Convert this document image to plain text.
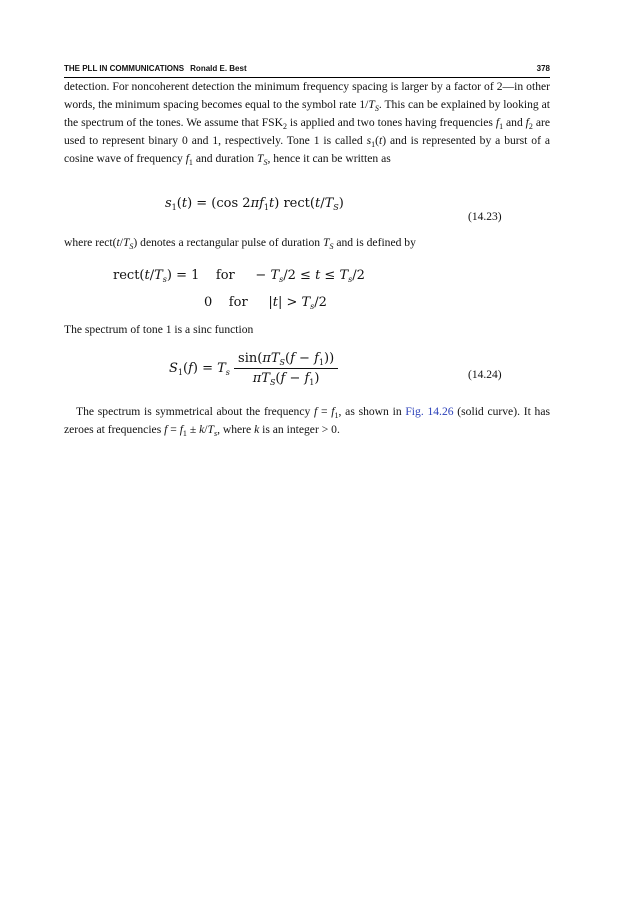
THE PLL IN COMMUNICATIONS Ronald E. Best	378

detection. For noncoherent detection the minimum frequency spacing is larger by a factor of 2—in other words, the minimum spacing becomes equal to the symbol rate $1/T_S$. This can be explained by looking at the spectrum of the tones. We assume that $FSK_2$ is applied and two tones having frequencies $f_1$ and $f_2$ are used to represent binary 0 and 1, respectively. Tone 1 is called $s_1(t)$ and is represented by a burst of a cosine wave of frequency $f_1$ and duration $T_S$, hence it can be written as

$s_1(t) = (\cos$ $2\pi f_1t$) $rect(t/T_S)$
(14.23)

where $rect(t/T_S)$ denotes a rectangular pulse of duration $T_S$ and is defined by

$rect(t/T_s) = 1$    for     − $T_s/2 \le t \le T_s/2$
0    for     $|t| > T_s/2$

The spectrum of tone 1 is a sinc function

$S_1(f) = T_s \frac{\sin(\pi T_S(f - f_1))}{\pi T_S(f - f_1)}$	(14.24)

The spectrum is symmetrical about the frequency $f = f_1$, as shown in Fig. 14.26 (solid curve). It has zeroes at frequencies $f = f_1 \pm k/T_s$, where k is an integer > 0.
